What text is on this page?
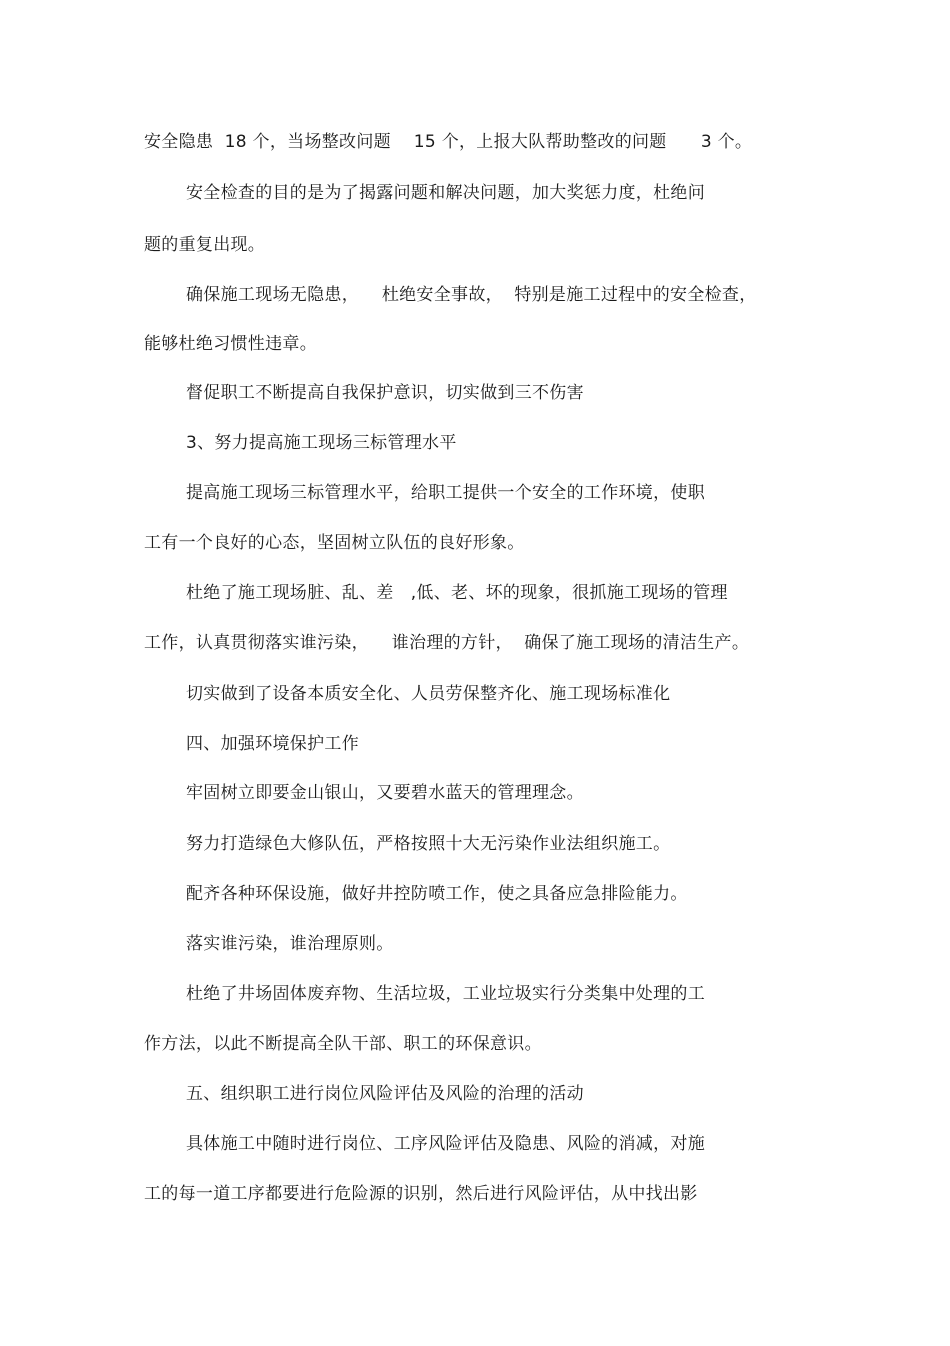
安全隐患  18 个，当场整改问题    15 个，上报大队帮助整改的问题      3 个。
安全检查的目的是为了揭露问题和解决问题，加大奖惩力度，杜绝问
题的重复出现。
确保施工现场无隐患，    杜绝安全事故，  特别是施工过程中的安全检查，
能够杜绝习惯性违章。
督促职工不断提高自我保护意识，切实做到三不伤害
3、努力提高施工现场三标管理水平
提高施工现场三标管理水平，给职工提供一个安全的工作环境，使职
工有一个良好的心态，坚固树立队伍的良好形象。
杜绝了施工现场脏、乱、差   ,低、老、坏的现象，很抓施工现场的管理
工作，认真贯彻落实谁污染，    谁治理的方针，  确保了施工现场的清洁生产。
切实做到了设备本质安全化、人员劳保整齐化、施工现场标准化
四、加强环境保护工作
牢固树立即要金山银山，又要碧水蓝天的管理理念。
努力打造绿色大修队伍，严格按照十大无污染作业法组织施工。
配齐各种环保设施，做好井控防喷工作，使之具备应急排险能力。
落实谁污染，谁治理原则。
杜绝了井场固体废弃物、生活垃圾，工业垃圾实行分类集中处理的工
作方法，以此不断提高全队干部、职工的环保意识。
五、组织职工进行岗位风险评估及风险的治理的活动
具体施工中随时进行岗位、工序风险评估及隐患、风险的消减，对施
工的每一道工序都要进行危险源的识别，然后进行风险评估，从中找出影
